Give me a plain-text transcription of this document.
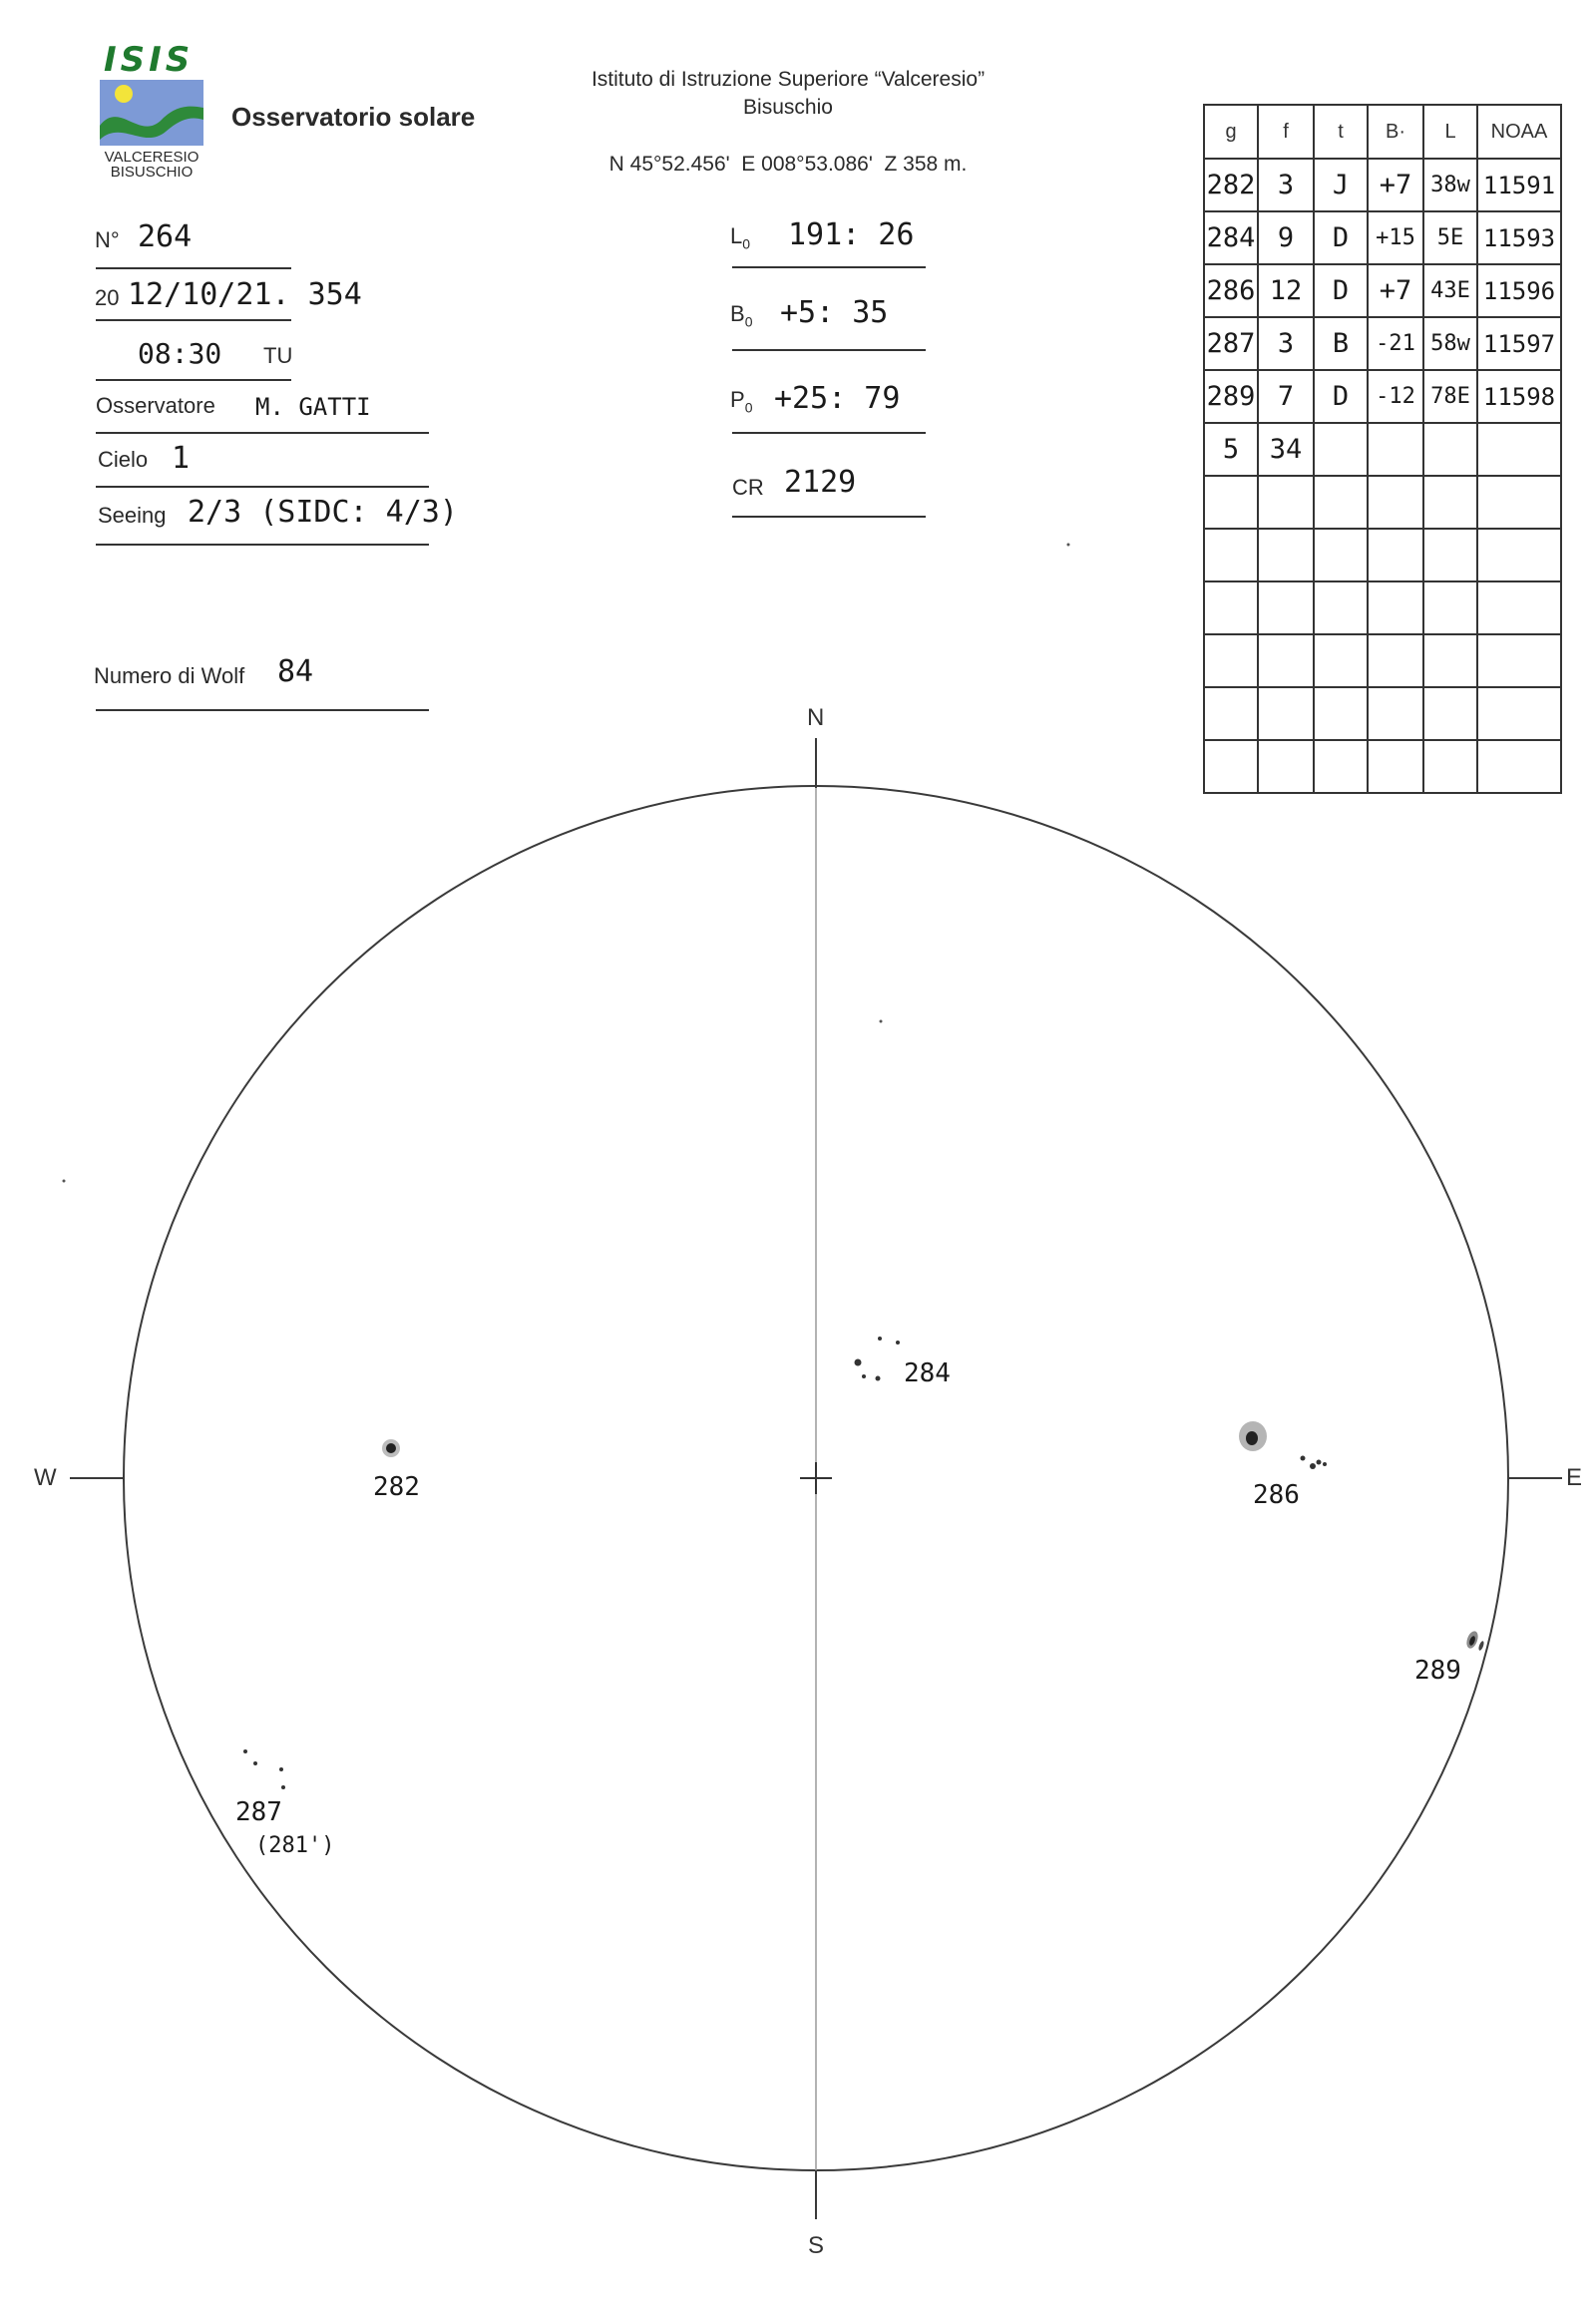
ISIS
VALCERESIO
BISUSCHIO
Osservatorio solare
Istituto di Istruzione Superiore “Valceresio”
Bisuschio
N 45°52.456'  E 008°53.086'  Z 358 m.
N° 264
20 12/10/21. 354
08:30 TU
Osservatore M. GATTI
Cielo 1
Seeing 2/3 (SIDC: 4/3)
Numero di Wolf 84
$L_0$ 191: 26
$B_0 +5$: 35
$P_0 +25$: 79
CR 2129
g	f	t	B·	L	NOAA
282	3	J	+7	38w	11591
284	9	D	+15	5E	11593
286	12	D	+7	43E	11596
287	3	B	-21	58w	11597
289	7	D	-12	78E	11598
5	34				

N
S
W	E
282
284
286
289
287
(281')
